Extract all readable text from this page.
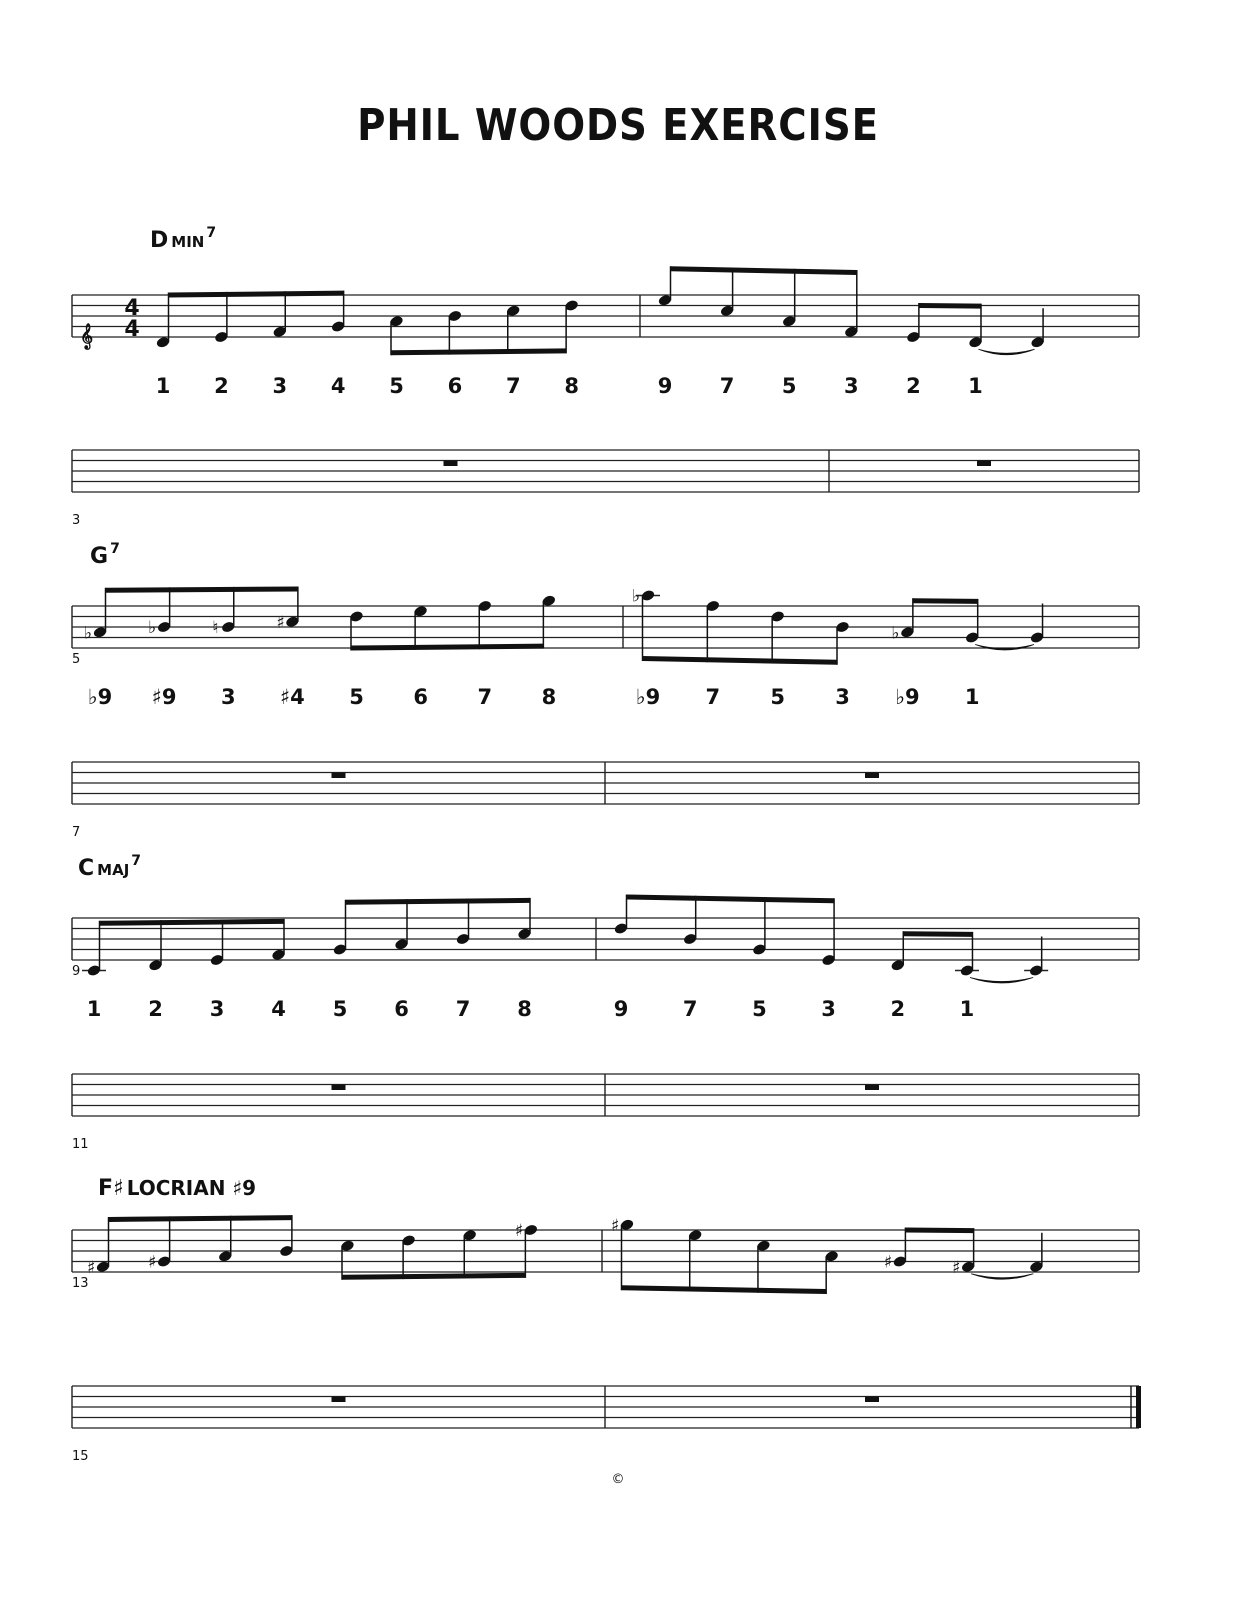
PHIL WOODS EXERCISE
D MIN $^7$
𝄞
4
4
1 2 3 4 5 6 7 8	9 7 5 3 2 1
3
G $^7$
5
♭	♭	♮	♯
♭
♭
♭9 ♯9 3 ♯4 5 6 7 8	♭9 7 5 3 ♭9 1
7
C MAJ $^7$
9
1 2 3 4 5 6 7 8	9	7	5	3	2	1
11
F♯ LOCRIAN ♯9
13
♯	♯
♯	♯
♯	♯
15
©
